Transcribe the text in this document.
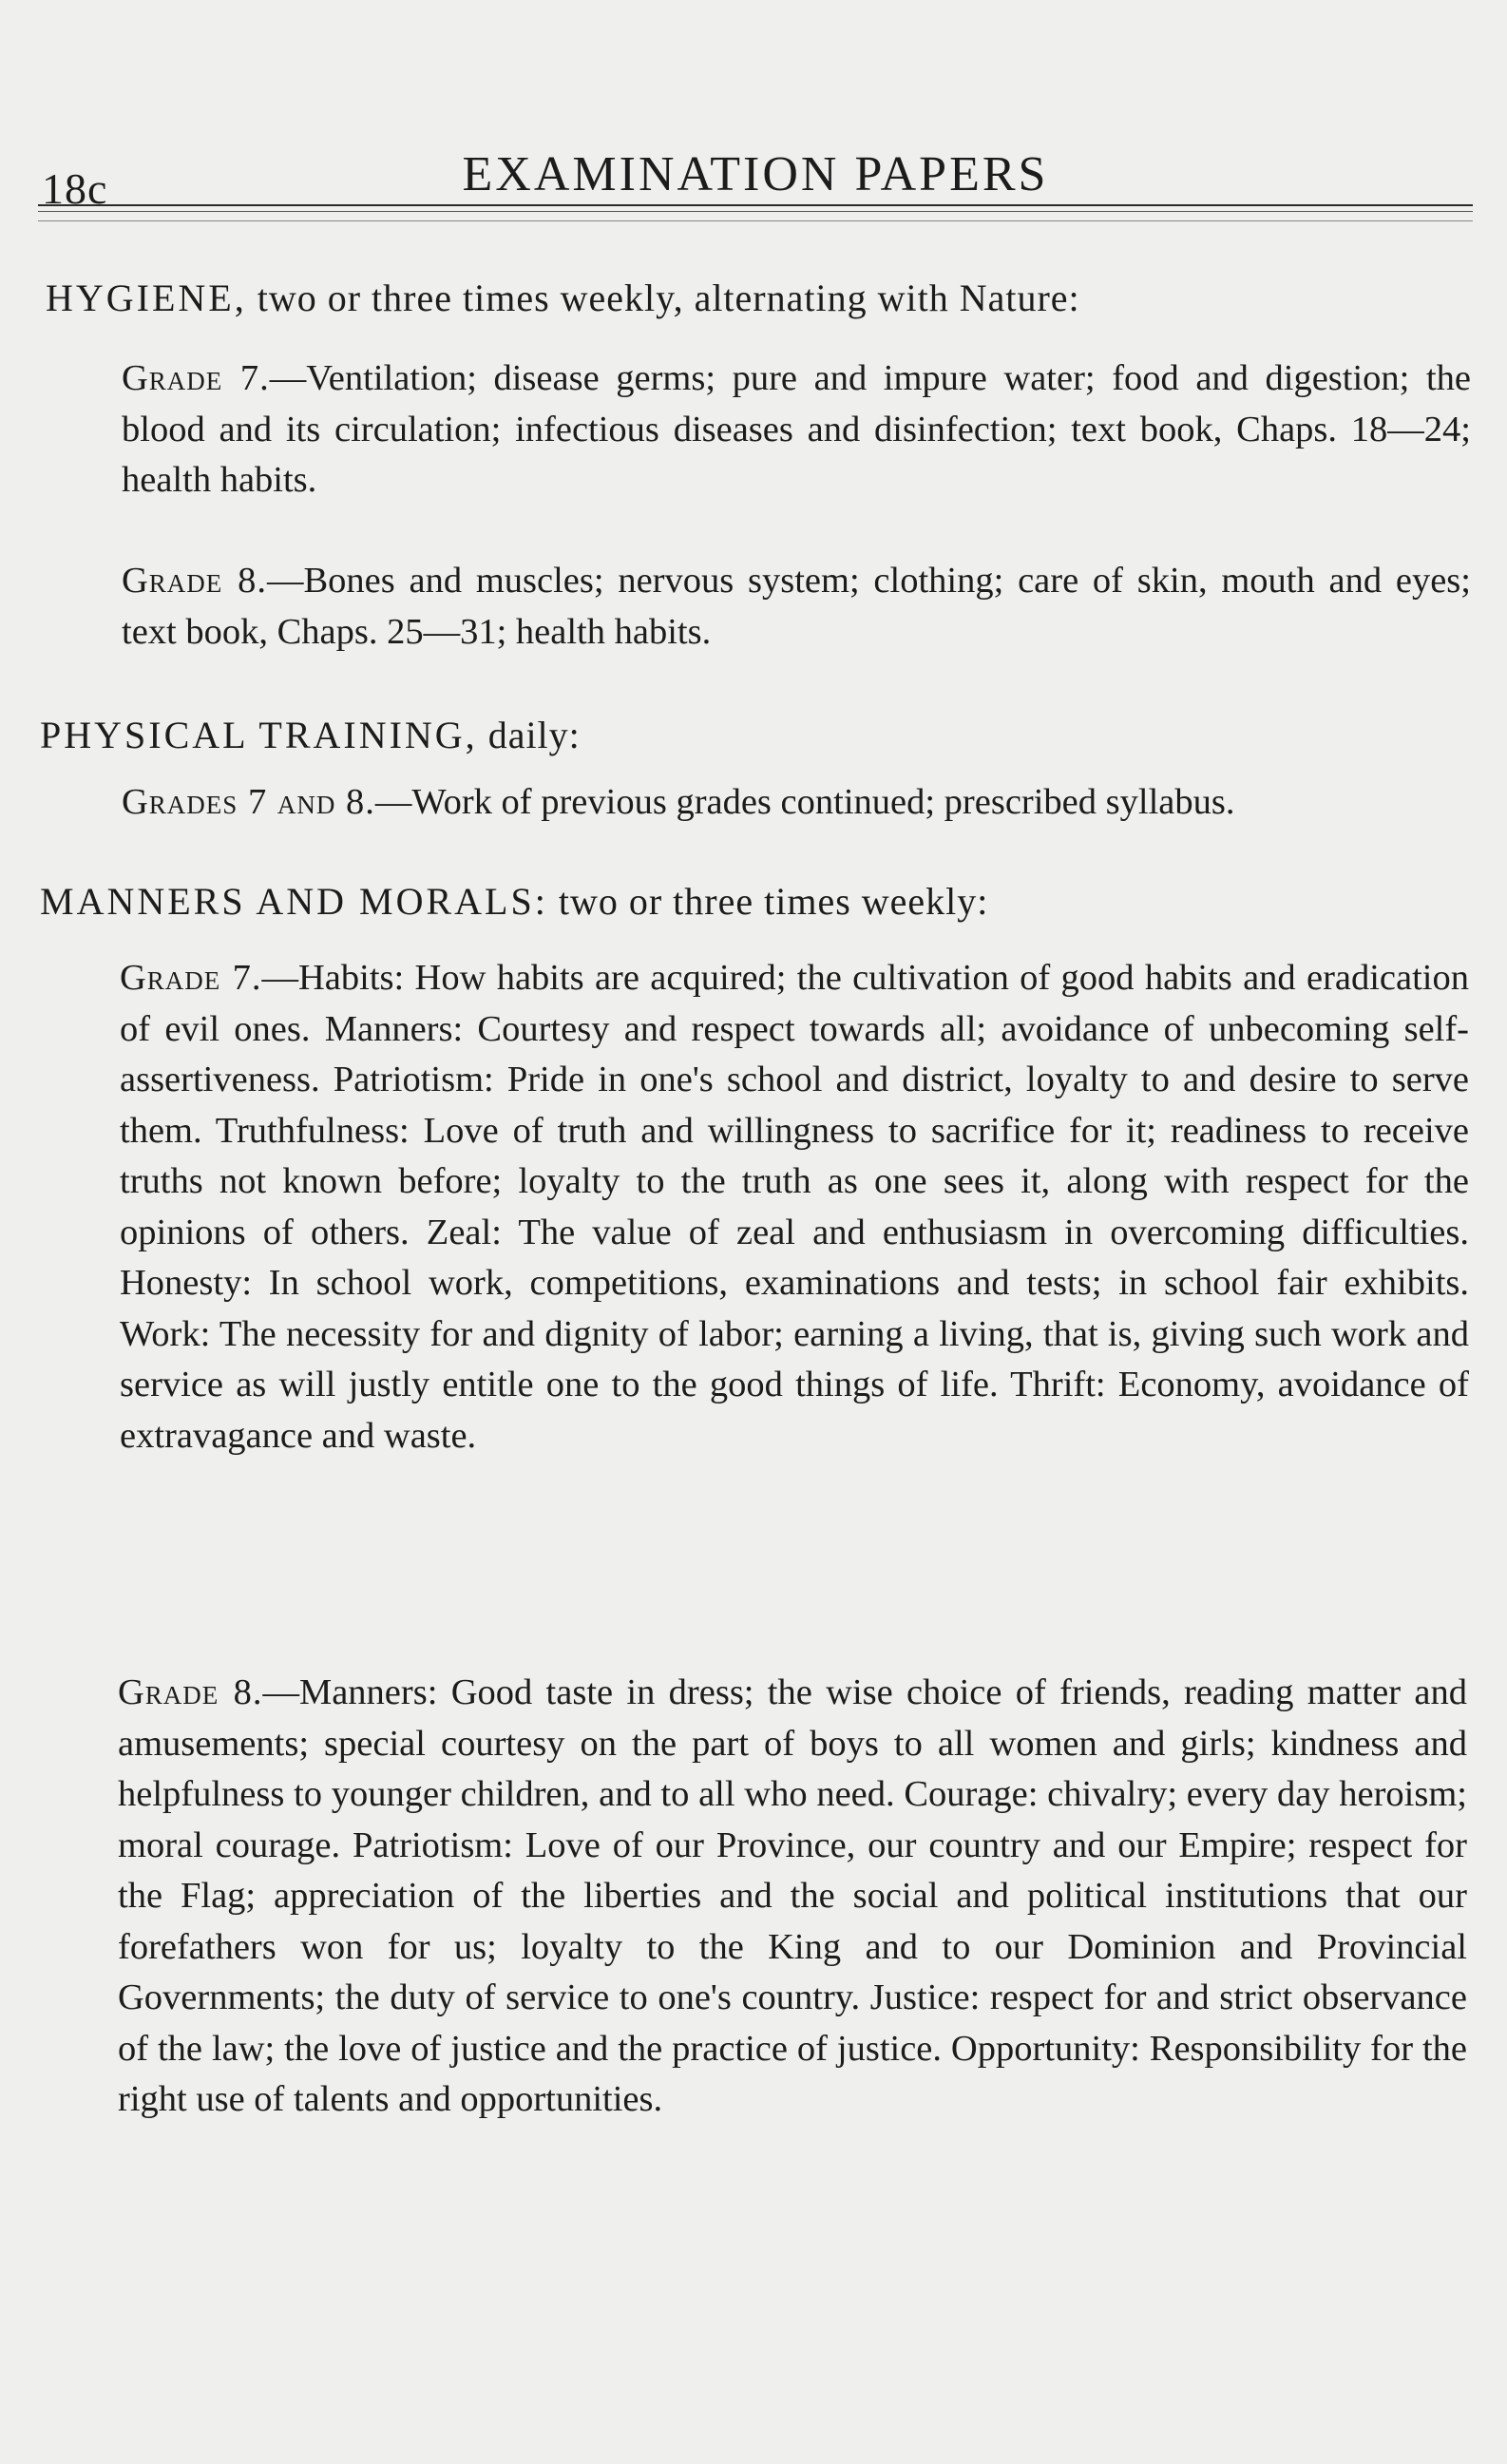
18c	EXAMINATION PAPERS
HYGIENE, two or three times weekly, alternating with Nature:
Grade 7.—Ventilation; disease germs; pure and impure water; food and digestion; the blood and its circulation; infectious diseases and disinfection; text book, Chaps. 18—24; health habits.
Grade 8.—Bones and muscles; nervous system; clothing; care of skin, mouth and eyes; text book, Chaps. 25—31; health habits.
PHYSICAL TRAINING, daily:
Grades 7 and 8.—Work of previous grades continued; prescribed syllabus.
MANNERS AND MORALS: two or three times weekly:
Grade 7.—Habits: How habits are acquired; the cultivation of good habits and eradication of evil ones. Manners: Courtesy and respect towards all; avoidance of unbecoming self-assertiveness. Patriotism: Pride in one's school and district, loyalty to and desire to serve them. Truthfulness: Love of truth and willingness to sacrifice for it; readiness to receive truths not known before; loyalty to the truth as one sees it, along with respect for the opinions of others. Zeal: The value of zeal and enthusiasm in overcoming difficulties. Honesty: In school work, competitions, examinations and tests; in school fair exhibits. Work: The necessity for and dignity of labor; earning a living, that is, giving such work and service as will justly entitle one to the good things of life. Thrift: Economy, avoidance of extravagance and waste.
Grade 8.—Manners: Good taste in dress; the wise choice of friends, reading matter and amusements; special courtesy on the part of boys to all women and girls; kindness and helpfulness to younger children, and to all who need. Courage: chivalry; every day heroism; moral courage. Patriotism: Love of our Province, our country and our Empire; respect for the Flag; appreciation of the liberties and the social and political institutions that our forefathers won for us; loyalty to the King and to our Dominion and Provincial Governments; the duty of service to one's country. Justice: respect for and strict observance of the law; the love of justice and the practice of justice. Opportunity: Responsibility for the right use of talents and opportunities.
